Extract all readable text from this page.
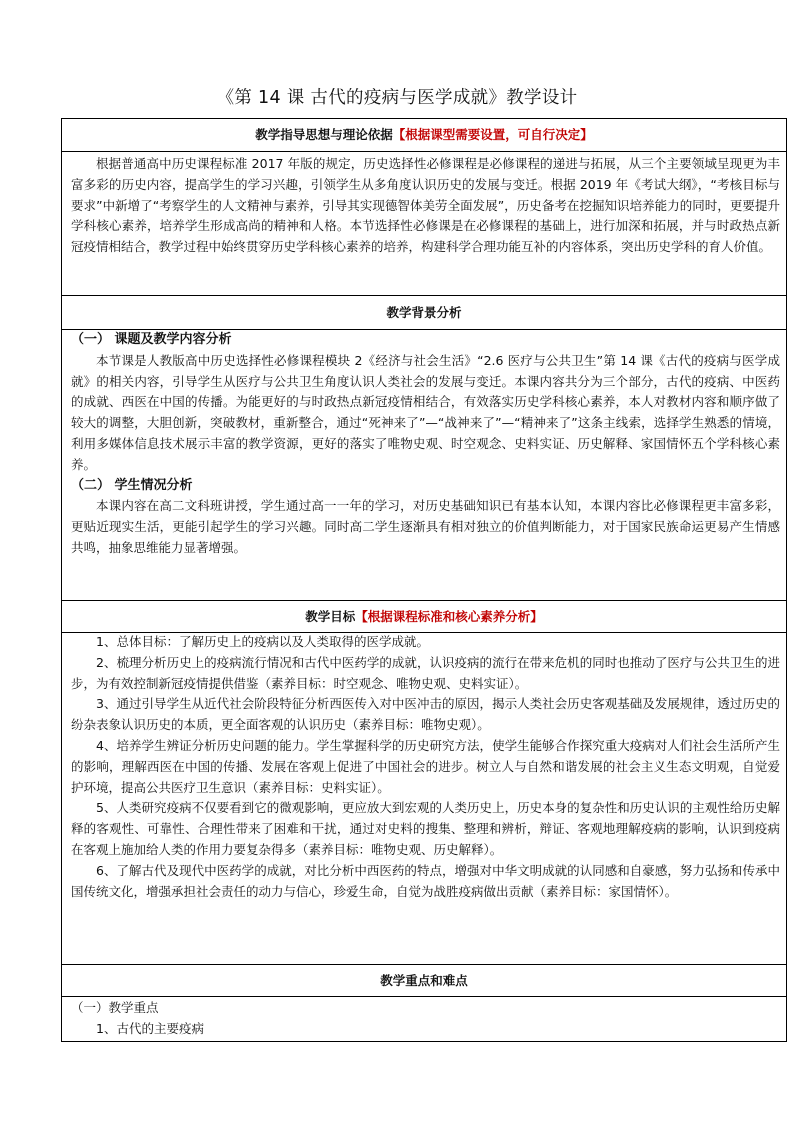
《第 14 课 古代的疫病与医学成就》教学设计
教学指导思想与理论依据【根据课型需要设置，可自行决定】

根据普通高中历史课程标准 2017 年版的规定，历史选择性必修课程是必修课程的递进与拓展，从三个主要领域呈现更为丰富多彩的历史内容，提高学生的学习兴趣，引领学生从多角度认识历史的发展与变迁。根据 2019 年《考试大纲》，“考核目标与要求”中新增了“考察学生的人文精神与素养，引导其实现德智体美劳全面发展”，历史备考在挖掘知识培养能力的同时，更要提升学科核心素养，培养学生形成高尚的精神和人格。本节选择性必修课是在必修课程的基础上，进行加深和拓展，并与时政热点新冠疫情相结合，教学过程中始终贯穿历史学科核心素养的培养，构建科学合理功能互补的内容体系，突出历史学科的育人价值。

教学背景分析

（一） 课题及教学内容分析

本节课是人教版高中历史选择性必修课程模块 2《经济与社会生活》“2.6 医疗与公共卫生”第 14 课《古代的疫病与医学成就》的相关内容，引导学生从医疗与公共卫生角度认识人类社会的发展与变迁。本课内容共分为三个部分，古代的疫病、中医药的成就、西医在中国的传播。为能更好的与时政热点新冠疫情相结合，有效落实历史学科核心素养，本人对教材内容和顺序做了较大的调整，大胆创新，突破教材，重新整合，通过“死神来了”—“战神来了”—“精神来了”这条主线索，选择学生熟悉的情境，利用多媒体信息技术展示丰富的教学资源，更好的落实了唯物史观、时空观念、史料实证、历史解释、家国情怀五个学科核心素养。

（二） 学生情况分析

本课内容在高二文科班讲授，学生通过高一一年的学习，对历史基础知识已有基本认知，本课内容比必修课程更丰富多彩，更贴近现实生活，更能引起学生的学习兴趣。同时高二学生逐渐具有相对独立的价值判断能力，对于国家民族命运更易产生情感共鸣，抽象思维能力显著增强。

教学目标【根据课程标准和核心素养分析】

1、总体目标：了解历史上的疫病以及人类取得的医学成就。

2、梳理分析历史上的疫病流行情况和古代中医药学的成就，认识疫病的流行在带来危机的同时也推动了医疗与公共卫生的进步，为有效控制新冠疫情提供借鉴（素养目标：时空观念、唯物史观、史料实证）。

3、通过引导学生从近代社会阶段特征分析西医传入对中医冲击的原因，揭示人类社会历史客观基础及发展规律，透过历史的纷杂表象认识历史的本质，更全面客观的认识历史（素养目标：唯物史观）。

4、培养学生辨证分析历史问题的能力。学生掌握科学的历史研究方法，使学生能够合作探究重大疫病对人们社会生活所产生的影响，理解西医在中国的传播、发展在客观上促进了中国社会的进步。树立人与自然和谐发展的社会主义生态文明观，自觉爱护环境，提高公共医疗卫生意识（素养目标：史料实证）。

5、人类研究疫病不仅要看到它的微观影响，更应放大到宏观的人类历史上，历史本身的复杂性和历史认识的主观性给历史解释的客观性、可靠性、合理性带来了困难和干扰，通过对史料的搜集、整理和辨析，辩证、客观地理解疫病的影响，认识到疫病在客观上施加给人类的作用力要复杂得多（素养目标：唯物史观、历史解释）。

6、了解古代及现代中医药学的成就，对比分析中西医药的特点，增强对中华文明成就的认同感和自豪感，努力弘扬和传承中国传统文化，增强承担社会责任的动力与信心，珍爱生命，自觉为战胜疫病做出贡献（素养目标：家国情怀）。

教学重点和难点

（一）教学重点

1、古代的主要疫病
